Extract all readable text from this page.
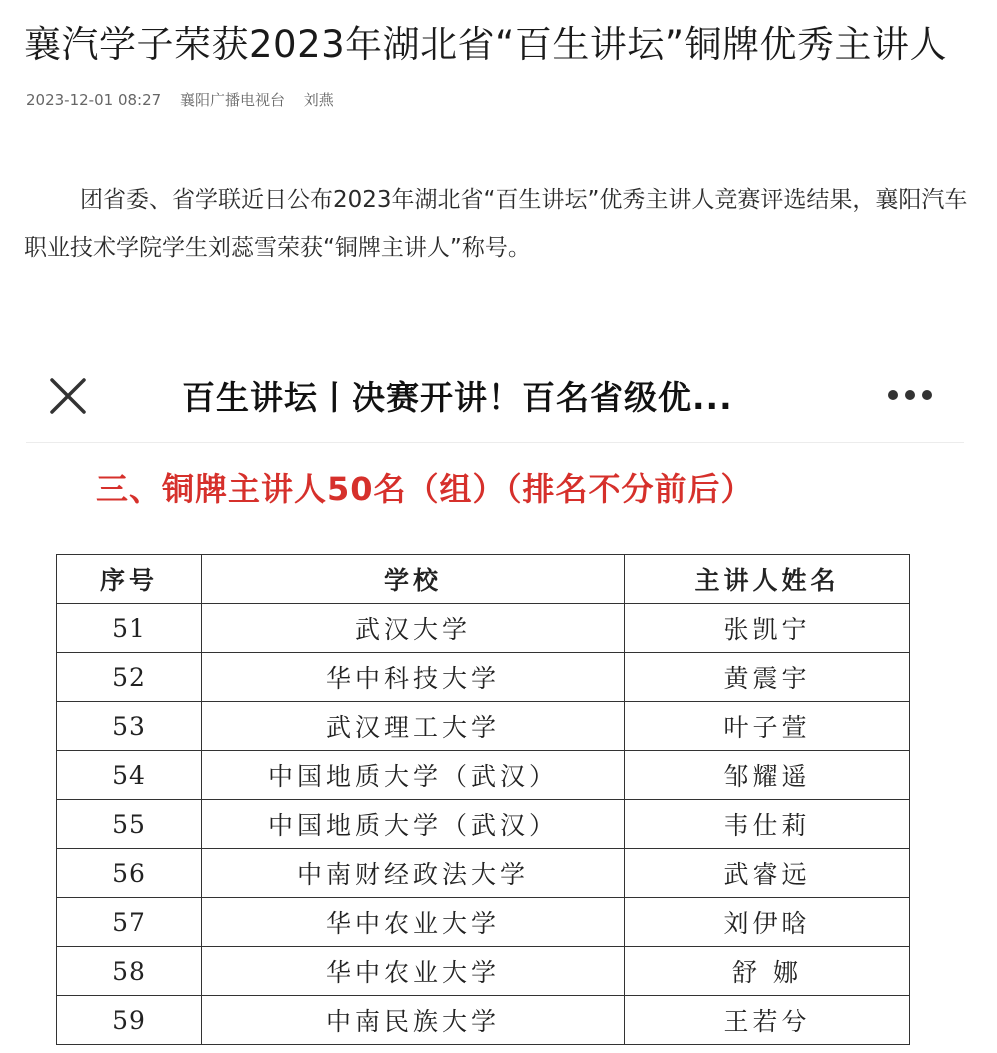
襄汽学子荣获2023年湖北省“百生讲坛”铜牌优秀主讲人
2023-12-01 08:27 襄阳广播电视台 刘燕

团省委、省学联近日公布2023年湖北省“百生讲坛”优秀主讲人竞赛评选结果，襄阳汽车职业技术学院学生刘蕊雪荣获“铜牌主讲人”称号。

百生讲坛丨决赛开讲！百名省级优...
三、铜牌主讲人50名（组）（排名不分前后）
序号	学校	主讲人姓名
51	武汉大学	张凯宁
52	华中科技大学	黄震宇
53	武汉理工大学	叶子萱
54	中国地质大学（武汉）	邹耀遥
55	中国地质大学（武汉）	韦仕莉
56	中南财经政法大学	武睿远
57	华中农业大学	刘伊晗
58	华中农业大学	舒 娜
59	中南民族大学	王若兮
